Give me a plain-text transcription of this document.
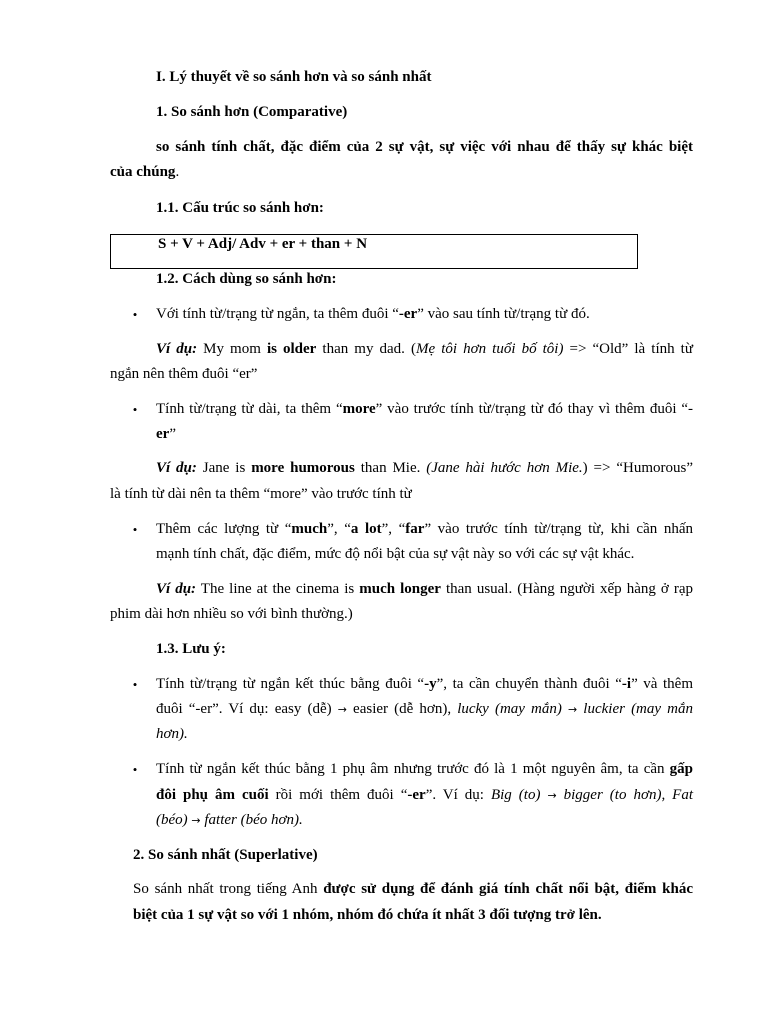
I. Lý thuyết về so sánh hơn và so sánh nhất
1. So sánh hơn (Comparative)
so sánh tính chất, đặc điểm của 2 sự vật, sự việc với nhau để thấy sự khác biệt
của chúng.
1.1. Cấu trúc so sánh hơn:
S + V + Adj/ Adv + er + than + N
1.2. Cách dùng so sánh hơn:
• Với tính từ/trạng từ ngắn, ta thêm đuôi “-er” vào sau tính từ/trạng từ đó.
Ví dụ: My mom is older than my dad. (Mẹ tôi hơn tuổi bố tôi) => “Old” là tính từ
ngắn nên thêm đuôi “er”
• Tính từ/trạng từ dài, ta thêm “more” vào trước tính từ/trạng từ đó thay vì thêm đuôi “-
er”
Ví dụ: Jane is more humorous than Mie. (Jane hài hước hơn Mie.) => “Humorous”
là tính từ dài nên ta thêm “more” vào trước tính từ
• Thêm các lượng từ “much”, “a lot”, “far” vào trước tính từ/trạng từ, khi cần nhấn
mạnh tính chất, đặc điểm, mức độ nổi bật của sự vật này so với các sự vật khác.
Ví dụ: The line at the cinema is much longer than usual. (Hàng người xếp hàng ở rạp
phim dài hơn nhiều so với bình thường.)
1.3. Lưu ý:
• Tính từ/trạng từ ngắn kết thúc bằng đuôi “-y”, ta cần chuyển thành đuôi “-i” và thêm
đuôi “-er”. Ví dụ: easy (dễ) → easier (dễ hơn), lucky (may mắn) → luckier (may mắn
hơn).
• Tính từ ngắn kết thúc bằng 1 phụ âm nhưng trước đó là 1 một nguyên âm, ta cần gấp
đôi phụ âm cuối rồi mới thêm đuôi “-er”. Ví dụ: Big (to) → bigger (to hơn), Fat
(béo) → fatter (béo hơn).
2. So sánh nhất (Superlative)
So sánh nhất trong tiếng Anh được sử dụng để đánh giá tính chất nổi bật, điểm khác
biệt của 1 sự vật so với 1 nhóm, nhóm đó chứa ít nhất 3 đối tượng trở lên.
